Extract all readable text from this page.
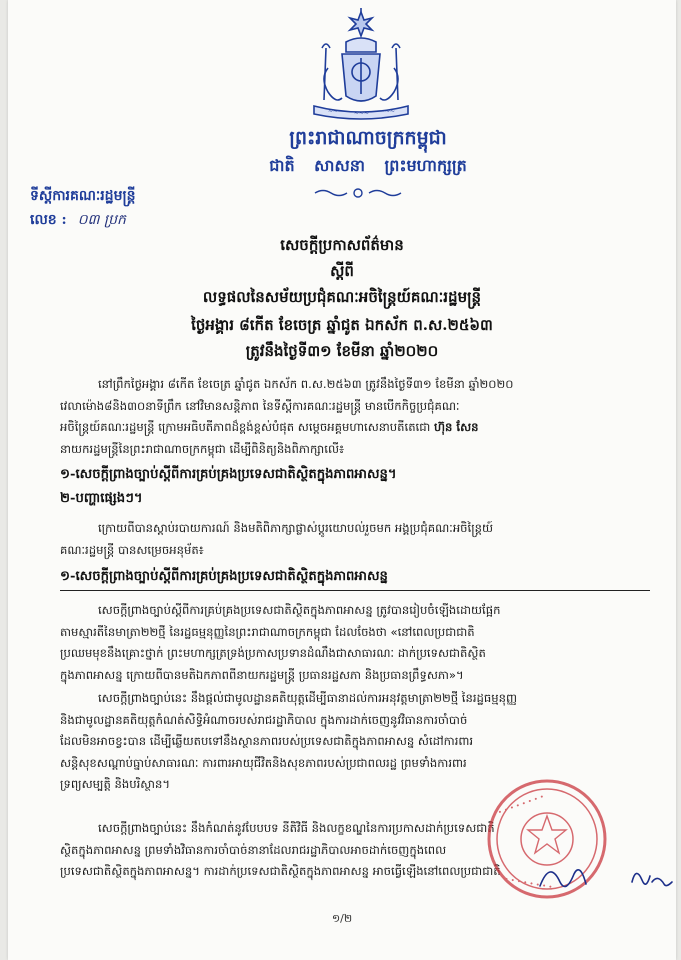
~~~ ~~~ ~~~
ព្រះរាជាណាចក្រកម្ពុជា
ជាតិ សាសនា ព្រះមហាក្សត្រ
ទីស្ដីការគណៈរដ្ឋមន្ត្រី
លេខ : ០៣ ប្រក
សេចក្ដីប្រកាសព័ត៌មាន
ស្ដីពី
លទ្ធផលនៃសម័យប្រជុំគណៈអចិន្ត្រៃយ៍គណៈរដ្ឋមន្ត្រី
ថ្ងៃអង្គារ ៨កើត ខែចេត្រ ឆ្នាំជូត ឯកស័ក ព.ស.២៥៦៣
ត្រូវនឹងថ្ងៃទី៣១ ខែមីនា ឆ្នាំ២០២០
នៅព្រឹកថ្ងៃអង្គារ ៨កើត ខែចេត្រ ឆ្នាំជូត ឯកស័ក ព.ស.២៥៦៣ ត្រូវនឹងថ្ងៃទី៣១ ខែមីនា ឆ្នាំ២០២០
វេលាម៉ោង៨និង៣០នាទីព្រឹក នៅវិមានសន្តិភាព នៃទីស្ដីការគណៈរដ្ឋមន្ត្រី មានបើកកិច្ចប្រជុំគណៈ
អចិន្ត្រៃយ៍គណៈរដ្ឋមន្ត្រី ក្រោមអធិបតីភាពដ៏ខ្ពង់ខ្ពស់បំផុត សម្ដេចអគ្គមហាសេនាបតីតេជោ ហ៊ុន សែន
នាយករដ្ឋមន្ត្រីនៃព្រះរាជាណាចក្រកម្ពុជា ដើម្បីពិនិត្យនិងពិភាក្សាលើ៖
១-សេចក្ដីព្រាងច្បាប់ស្ដីពីការគ្រប់គ្រងប្រទេសជាតិស្ថិតក្នុងភាពអាសន្ន។
២-បញ្ហាផ្សេងៗ។
ក្រោយពីបានស្ដាប់របាយការណ៍ និងមតិពិភាក្សាផ្លាស់ប្ដូរយោបល់រួចមក អង្គប្រជុំគណៈអចិន្ត្រៃយ៍
គណៈរដ្ឋមន្ត្រី បានសម្រេចអនុម័ត៖
១-សេចក្ដីព្រាងច្បាប់ស្ដីពីការគ្រប់គ្រងប្រទេសជាតិស្ថិតក្នុងភាពអាសន្ន
សេចក្ដីព្រាងច្បាប់ស្ដីពីការគ្រប់គ្រងប្រទេសជាតិស្ថិតក្នុងភាពអាសន្ន ត្រូវបានរៀបចំឡើងដោយផ្អែក
តាមស្មារតីនៃមាត្រា២២ថ្មី នៃរដ្ឋធម្មនុញ្ញនៃព្រះរាជាណាចក្រកម្ពុជា ដែលចែងថា «នៅពេលប្រជាជាតិ
ប្រឈមមុខនឹងគ្រោះថ្នាក់ ព្រះមហាក្សត្រទ្រង់ប្រកាសប្រទានដំណឹងជាសាធារណៈ ដាក់ប្រទេសជាតិស្ថិត
ក្នុងភាពអាសន្ន ក្រោយពីបានមតិឯកភាពពីនាយករដ្ឋមន្ត្រី ប្រធានរដ្ឋសភា និងប្រធានព្រឹទ្ធសភា»។
សេចក្ដីព្រាងច្បាប់នេះ នឹងផ្ដល់ជាមូលដ្ឋានគតិយុត្តដើម្បីធានាដល់ការអនុវត្តមាត្រា២២ថ្មី នៃរដ្ឋធម្មនុញ្ញ
និងជាមូលដ្ឋានគតិយុត្តកំណត់សិទ្ធិអំណាចរបស់រាជរដ្ឋាភិបាល ក្នុងការដាក់ចេញនូវវិធានការចាំបាច់
ដែលមិនអាចខ្វះបាន ដើម្បីឆ្លើយតបទៅនឹងស្ថានភាពរបស់ប្រទេសជាតិក្នុងភាពអាសន្ន សំដៅការពារ
សន្តិសុខសណ្ដាប់ធ្នាប់សាធារណៈ ការពារអាយុជីវិតនិងសុខភាពរបស់ប្រជាពលរដ្ឋ ព្រមទាំងការពារ
ទ្រព្យសម្បត្តិ និងបរិស្ថាន។
សេចក្ដីព្រាងច្បាប់នេះ នឹងកំណត់នូវបែបបទ នីតិវិធី និងលក្ខខណ្ឌនៃការប្រកាសដាក់ប្រទេសជាតិ
ស្ថិតក្នុងភាពអាសន្ន ព្រមទាំងវិធានការចាំបាច់នានាដែលរាជរដ្ឋាភិបាលអាចដាក់ចេញក្នុងពេល
ប្រទេសជាតិស្ថិតក្នុងភាពអាសន្ន។ ការដាក់ប្រទេសជាតិស្ថិតក្នុងភាពអាសន្ន អាចធ្វើឡើងនៅពេលប្រជាជាតិ
• • • • • • • •
• • • • • • • •
១/២
